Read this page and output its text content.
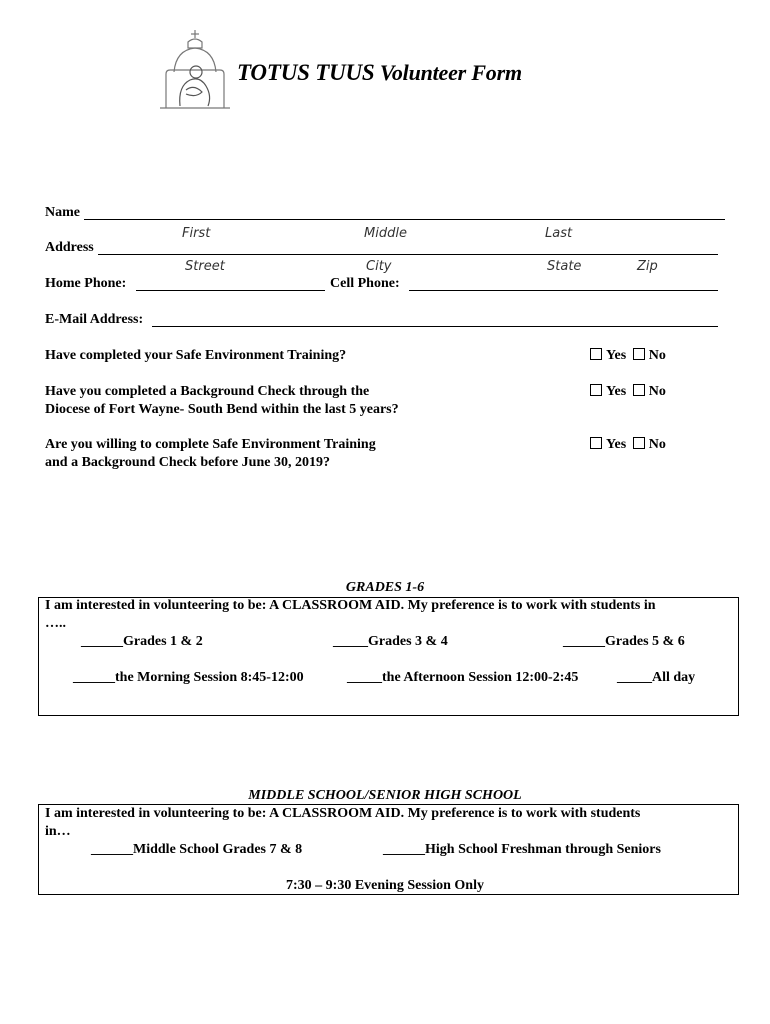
TOTUS TUUS Volunteer Form
Name
First	Middle	Last
Address
Street	City	State	Zip
Home Phone:	Cell Phone:
E-Mail Address:
Have completed your Safe Environment Training?	Yes No
Have you completed a Background Check through the
Diocese of Fort Wayne- South Bend within the last 5 years?
Yes No
Are you willing to complete Safe Environment Training
and a Background Check before June 30, 2019?
Yes No
GRADES 1-6
I am interested in volunteering to be: A CLASSROOM AID. My preference is to work with students in
…..
______Grades 1 & 2	_____Grades 3 & 4	______Grades 5 & 6
______the Morning Session 8:45-12:00	_____the Afternoon Session 12:00-2:45	_____All day
MIDDLE SCHOOL/SENIOR HIGH SCHOOL
I am interested in volunteering to be: A CLASSROOM AID. My preference is to work with students
in…
______Middle School Grades 7 & 8	______High School Freshman through Seniors
7:30 – 9:30 Evening Session Only
